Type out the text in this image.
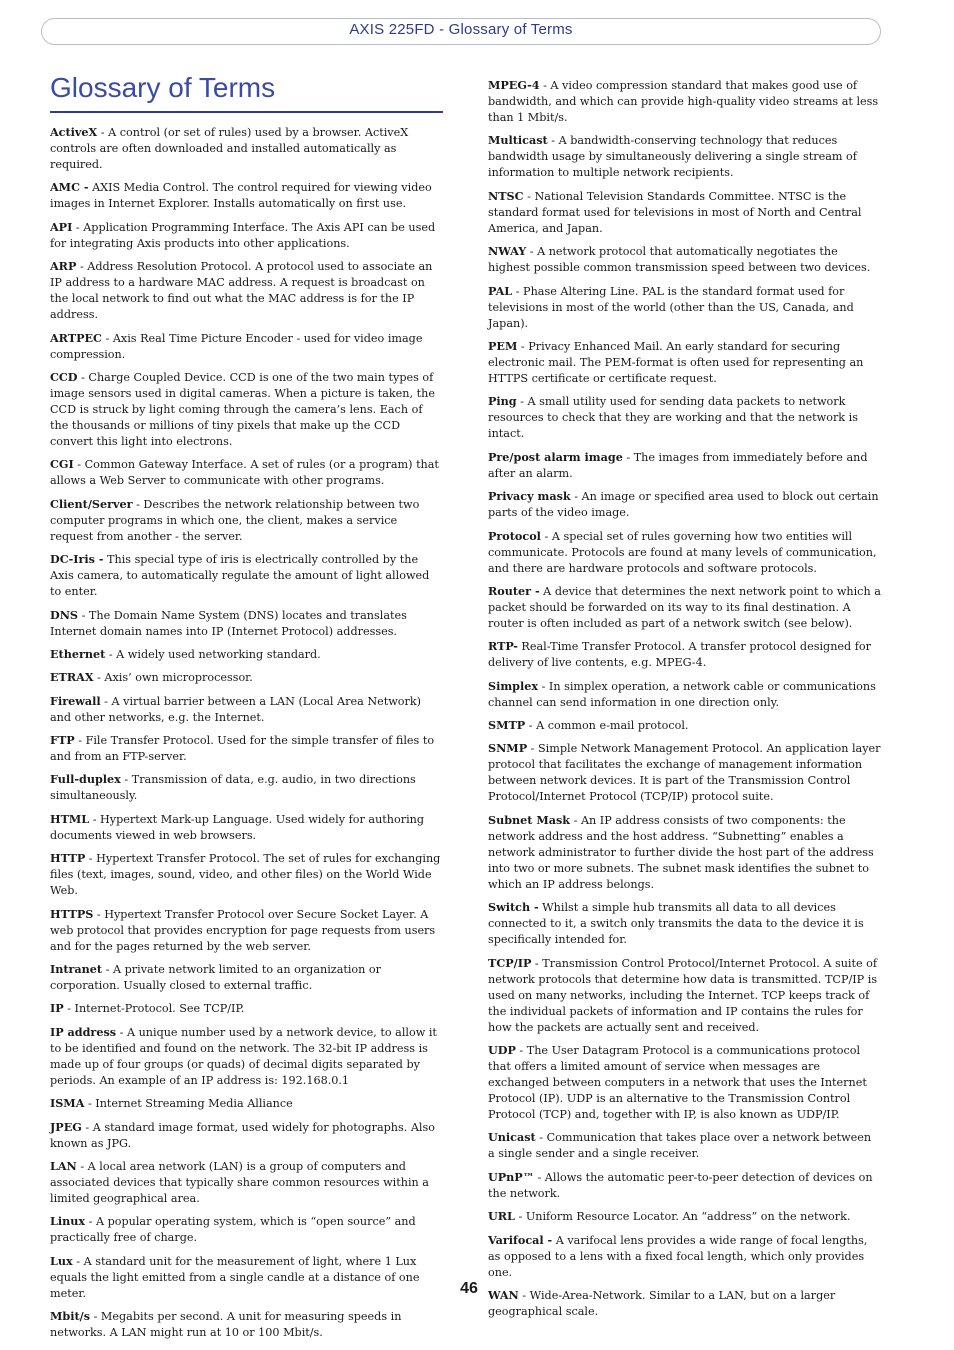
AXIS 225FD - Glossary of Terms
Glossary of Terms

ActiveX - A control (or set of rules) used by a browser. ActiveX controls are often downloaded and installed automatically as required.

AMC - AXIS Media Control. The control required for viewing video images in Internet Explorer. Installs automatically on first use.

API - Application Programming Interface. The Axis API can be used for integrating Axis products into other applications.

ARP - Address Resolution Protocol. A protocol used to associate an IP address to a hardware MAC address. A request is broadcast on the local network to find out what the MAC address is for the IP address.

ARTPEC - Axis Real Time Picture Encoder - used for video image compression.

CCD - Charge Coupled Device. CCD is one of the two main types of image sensors used in digital cameras. When a picture is taken, the CCD is struck by light coming through the camera’s lens. Each of the thousands or millions of tiny pixels that make up the CCD convert this light into electrons.

CGI - Common Gateway Interface. A set of rules (or a program) that allows a Web Server to communicate with other programs.

Client/Server - Describes the network relationship between two computer programs in which one, the client, makes a service request from another - the server.

DC-Iris - This special type of iris is electrically controlled by the Axis camera, to automatically regulate the amount of light allowed to enter.

DNS - The Domain Name System (DNS) locates and translates Internet domain names into IP (Internet Protocol) addresses.

Ethernet - A widely used networking standard.

ETRAX - Axis’ own microprocessor.

Firewall - A virtual barrier between a LAN (Local Area Network) and other networks, e.g. the Internet.

FTP - File Transfer Protocol. Used for the simple transfer of files to and from an FTP-server.

Full-duplex - Transmission of data, e.g. audio, in two directions simultaneously.

HTML - Hypertext Mark-up Language. Used widely for authoring documents viewed in web browsers.

HTTP - Hypertext Transfer Protocol. The set of rules for exchanging files (text, images, sound, video, and other files) on the World Wide Web.

HTTPS - Hypertext Transfer Protocol over Secure Socket Layer. A web protocol that provides encryption for page requests from users and for the pages returned by the web server.

Intranet - A private network limited to an organization or corporation. Usually closed to external traffic.

IP - Internet-Protocol. See TCP/IP.

IP address - A unique number used by a network device, to allow it to be identified and found on the network. The 32-bit IP address is made up of four groups (or quads) of decimal digits separated by periods. An example of an IP address is: 192.168.0.1

ISMA - Internet Streaming Media Alliance

JPEG - A standard image format, used widely for photographs. Also known as JPG.

LAN - A local area network (LAN) is a group of computers and associated devices that typically share common resources within a limited geographical area.

Linux - A popular operating system, which is “open source” and practically free of charge.

Lux - A standard unit for the measurement of light, where 1 Lux equals the light emitted from a single candle at a distance of one meter.

Mbit/s - Megabits per second. A unit for measuring speeds in networks. A LAN might run at 10 or 100 Mbit/s.

MPEG-4 - A video compression standard that makes good use of bandwidth, and which can provide high-quality video streams at less than 1 Mbit/s.

Multicast - A bandwidth-conserving technology that reduces bandwidth usage by simultaneously delivering a single stream of information to multiple network recipients.

NTSC - National Television Standards Committee. NTSC is the standard format used for televisions in most of North and Central America, and Japan.

NWAY - A network protocol that automatically negotiates the highest possible common transmission speed between two devices.

PAL - Phase Altering Line. PAL is the standard format used for televisions in most of the world (other than the US, Canada, and Japan).

PEM - Privacy Enhanced Mail. An early standard for securing electronic mail. The PEM-format is often used for representing an HTTPS certificate or certificate request.

Ping - A small utility used for sending data packets to network resources to check that they are working and that the network is intact.

Pre/post alarm image - The images from immediately before and after an alarm.

Privacy mask - An image or specified area used to block out certain parts of the video image.

Protocol - A special set of rules governing how two entities will communicate. Protocols are found at many levels of communication, and there are hardware protocols and software protocols.

Router - A device that determines the next network point to which a packet should be forwarded on its way to its final destination. A router is often included as part of a network switch (see below).

RTP- Real-Time Transfer Protocol. A transfer protocol designed for delivery of live contents, e.g. MPEG-4.

Simplex - In simplex operation, a network cable or communications channel can send information in one direction only.

SMTP - A common e-mail protocol.

SNMP - Simple Network Management Protocol. An application layer protocol that facilitates the exchange of management information between network devices. It is part of the Transmission Control Protocol/Internet Protocol (TCP/IP) protocol suite.

Subnet Mask - An IP address consists of two components: the network address and the host address. “Subnetting” enables a network administrator to further divide the host part of the address into two or more subnets. The subnet mask identifies the subnet to which an IP address belongs.

Switch - Whilst a simple hub transmits all data to all devices connected to it, a switch only transmits the data to the device it is specifically intended for.

TCP/IP - Transmission Control Protocol/Internet Protocol. A suite of network protocols that determine how data is transmitted. TCP/IP is used on many networks, including the Internet. TCP keeps track of the individual packets of information and IP contains the rules for how the packets are actually sent and received.

UDP - The User Datagram Protocol is a communications protocol that offers a limited amount of service when messages are exchanged between computers in a network that uses the Internet Protocol (IP). UDP is an alternative to the Transmission Control Protocol (TCP) and, together with IP, is also known as UDP/IP.

Unicast - Communication that takes place over a network between a single sender and a single receiver.

UPnP™ - Allows the automatic peer-to-peer detection of devices on the network.

URL - Uniform Resource Locator. An “address” on the network.

Varifocal - A varifocal lens provides a wide range of focal lengths, as opposed to a lens with a fixed focal length, which only provides one.

WAN - Wide-Area-Network. Similar to a LAN, but on a larger geographical scale.

46
